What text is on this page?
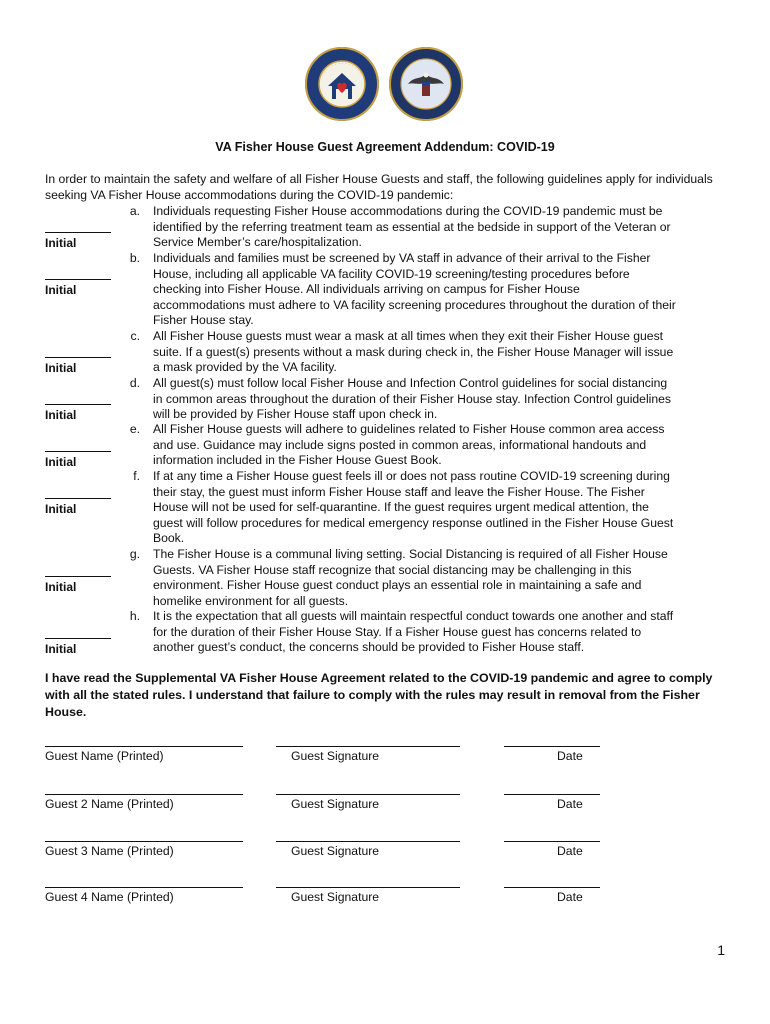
VA Fisher House Guest Agreement Addendum: COVID-19

In order to maintain the safety and welfare of all Fisher House Guests and staff, the following guidelines apply for individuals seeking VA Fisher House accommodations during the COVID-19 pandemic:

Initial
Initial
Initial
Initial
Initial
Initial
Initial
Initial
a. Individuals requesting Fisher House accommodations during the COVID-19 pandemic must be
identified by the referring treatment team as essential at the bedside in support of the Veteran or
Service Member’s care/hospitalization.
b. Individuals and families must be screened by VA staff in advance of their arrival to the Fisher
House, including all applicable VA facility COVID-19 screening/testing procedures before
checking into Fisher House. All individuals arriving on campus for Fisher House
accommodations must adhere to VA facility screening procedures throughout the duration of their
Fisher House stay.
c. All Fisher House guests must wear a mask at all times when they exit their Fisher House guest
suite. If a guest(s) presents without a mask during check in, the Fisher House Manager will issue
a mask provided by the VA facility.
d. All guest(s) must follow local Fisher House and Infection Control guidelines for social distancing
in common areas throughout the duration of their Fisher House stay. Infection Control guidelines
will be provided by Fisher House staff upon check in.
e. All Fisher House guests will adhere to guidelines related to Fisher House common area access
and use. Guidance may include signs posted in common areas, informational handouts and
information included in the Fisher House Guest Book.
f. If at any time a Fisher House guest feels ill or does not pass routine COVID-19 screening during
their stay, the guest must inform Fisher House staff and leave the Fisher House. The Fisher
House will not be used for self-quarantine. If the guest requires urgent medical attention, the
guest will follow procedures for medical emergency response outlined in the Fisher House Guest
Book.
g. The Fisher House is a communal living setting. Social Distancing is required of all Fisher House
Guests. VA Fisher House staff recognize that social distancing may be challenging in this
environment. Fisher House guest conduct plays an essential role in maintaining a safe and
homelike environment for all guests.
h. It is the expectation that all guests will maintain respectful conduct towards one another and staff
for the duration of their Fisher House Stay. If a Fisher House guest has concerns related to
another guest’s conduct, the concerns should be provided to Fisher House staff.

I have read the Supplemental VA Fisher House Agreement related to the COVID-19 pandemic and agree to comply with all the stated rules. I understand that failure to comply with the rules may result in removal from the Fisher House.

Guest Name (Printed)	Guest Signature	Date
Guest 2 Name (Printed)	Guest Signature	Date
Guest 3 Name (Printed)	Guest Signature	Date
Guest 4 Name (Printed)	Guest Signature	Date
1
